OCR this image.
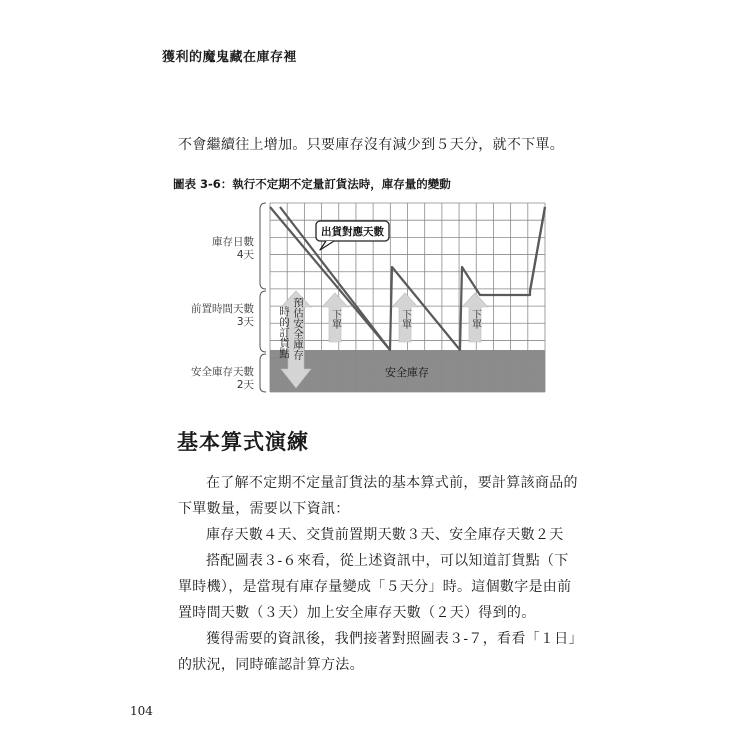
獲利的魔鬼藏在庫存裡
不會繼續往上增加。只要庫存沒有減少到５天分，就不下單。
圖表 3-6：執行不定期不定量訂貨法時，庫存量的變動
庫存日數
4天
前置時間天數
3天
安全庫存天數
2天
預估安全庫存
時的訂貨點	下單	下單	下單
出貨對應天數
安全庫存
基本算式演練

在了解不定期不定量訂貨法的基本算式前，要計算該商品的下單數量，需要以下資訊：

庫存天數４天、交貨前置期天數３天、安全庫存天數２天

搭配圖表３-６來看，從上述資訊中，可以知道訂貨點（下單時機），是當現有庫存量變成「５天分」時。這個數字是由前置時間天數（３天）加上安全庫存天數（２天）得到的。

獲得需要的資訊後，我們接著對照圖表３-７，看看「１日」的狀況，同時確認計算方法。

104
